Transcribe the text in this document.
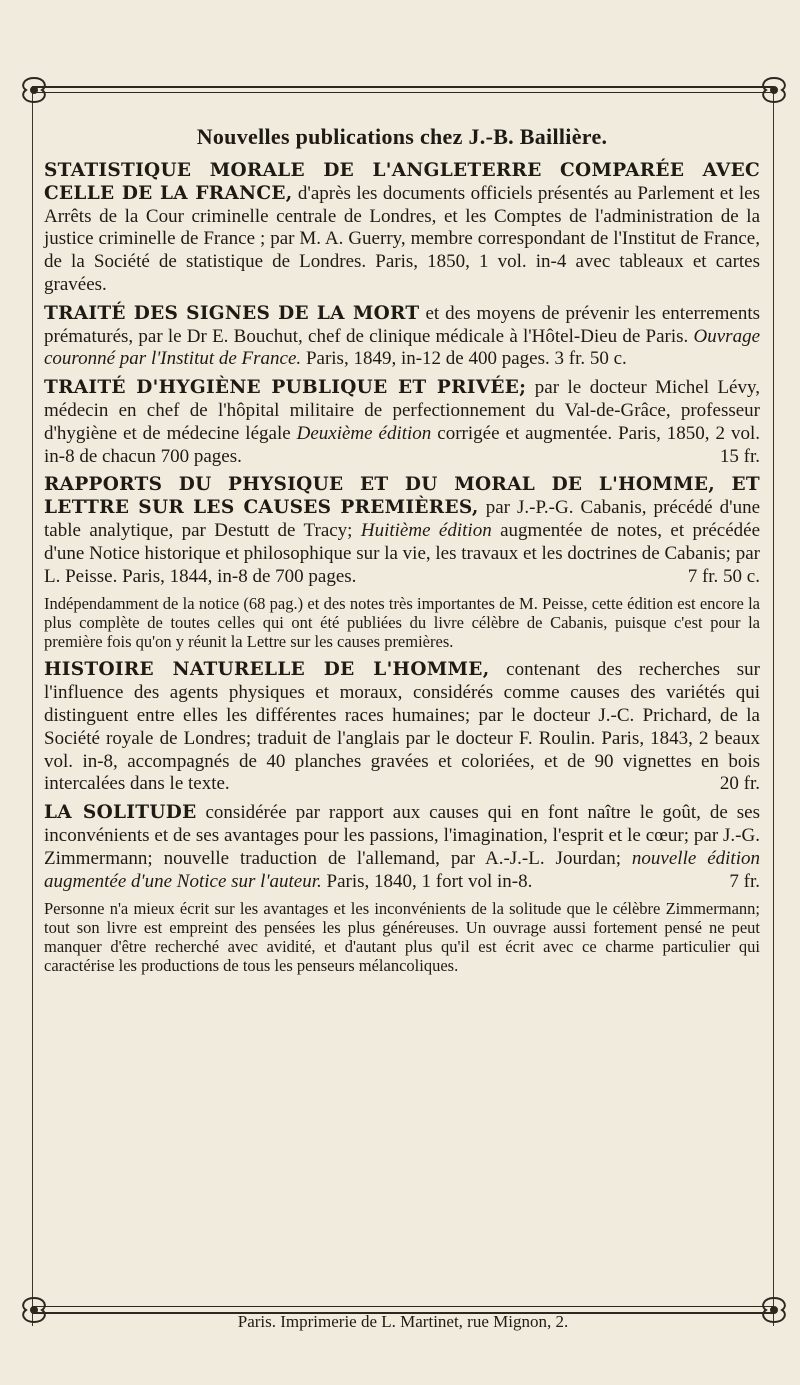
Nouvelles publications chez J.-B. Baillière.
STATISTIQUE MORALE DE L'ANGLETERRE COMPARÉE AVEC CELLE DE LA FRANCE, d'après les documents officiels présentés au Parlement et les Arrêts de la Cour criminelle centrale de Londres, et les Comptes de l'administration de la justice criminelle de France ; par M. A. Guerry, membre correspondant de l'Institut de France, de la Société de statistique de Londres. Paris, 1850, 1 vol. in-4 avec tableaux et cartes gravées.
TRAITÉ DES SIGNES DE LA MORT et des moyens de prévenir les enterrements prématurés, par le Dr E. Bouchut, chef de clinique médicale à l'Hôtel-Dieu de Paris. Ouvrage couronné par l'Institut de France. Paris, 1849, in-12 de 400 pages. 3 fr. 50 c.
TRAITÉ D'HYGIÈNE PUBLIQUE ET PRIVÉE; par le docteur Michel Lévy, médecin en chef de l'hôpital militaire de perfectionnement du Val-de-Grâce, professeur d'hygiène et de médecine légale Deuxième édition corrigée et augmentée. Paris, 1850, 2 vol. in-8 de chacun 700 pages.	15 fr.
RAPPORTS DU PHYSIQUE ET DU MORAL DE L'HOMME, ET LETTRE SUR LES CAUSES PREMIÈRES, par J.-P.-G. Cabanis, précédé d'une table analytique, par Destutt de Tracy; Huitième édition augmentée de notes, et précédée d'une Notice historique et philosophique sur la vie, les travaux et les doctrines de Cabanis; par L. Peisse. Paris, 1844, in-8 de 700 pages.	7 fr. 50 c.
Indépendamment de la notice (68 pag.) et des notes très importantes de M. Peisse, cette édition est encore la plus complète de toutes celles qui ont été publiées du livre célèbre de Cabanis, puisque c'est pour la première fois qu'on y réunit la Lettre sur les causes premières.
HISTOIRE NATURELLE DE L'HOMME, contenant des recherches sur l'influence des agents physiques et moraux, considérés comme causes des variétés qui distinguent entre elles les différentes races humaines; par le docteur J.-C. Prichard, de la Société royale de Londres; traduit de l'anglais par le docteur F. Roulin. Paris, 1843, 2 beaux vol. in-8, accompagnés de 40 planches gravées et coloriées, et de 90 vignettes en bois intercalées dans le texte.	20 fr.
LA SOLITUDE considérée par rapport aux causes qui en font naître le goût, de ses inconvénients et de ses avantages pour les passions, l'imagination, l'esprit et le cœur; par J.-G. Zimmermann; nouvelle traduction de l'allemand, par A.-J.-L. Jourdan; nouvelle édition augmentée d'une Notice sur l'auteur. Paris, 1840, 1 fort vol in-8.	7 fr.
Personne n'a mieux écrit sur les avantages et les inconvénients de la solitude que le célèbre Zimmermann; tout son livre est empreint des pensées les plus généreuses. Un ouvrage aussi fortement pensé ne peut manquer d'être recherché avec avidité, et d'autant plus qu'il est écrit avec ce charme particulier qui caractérise les productions de tous les penseurs mélancoliques.
Paris. Imprimerie de L. Martinet, rue Mignon, 2.
